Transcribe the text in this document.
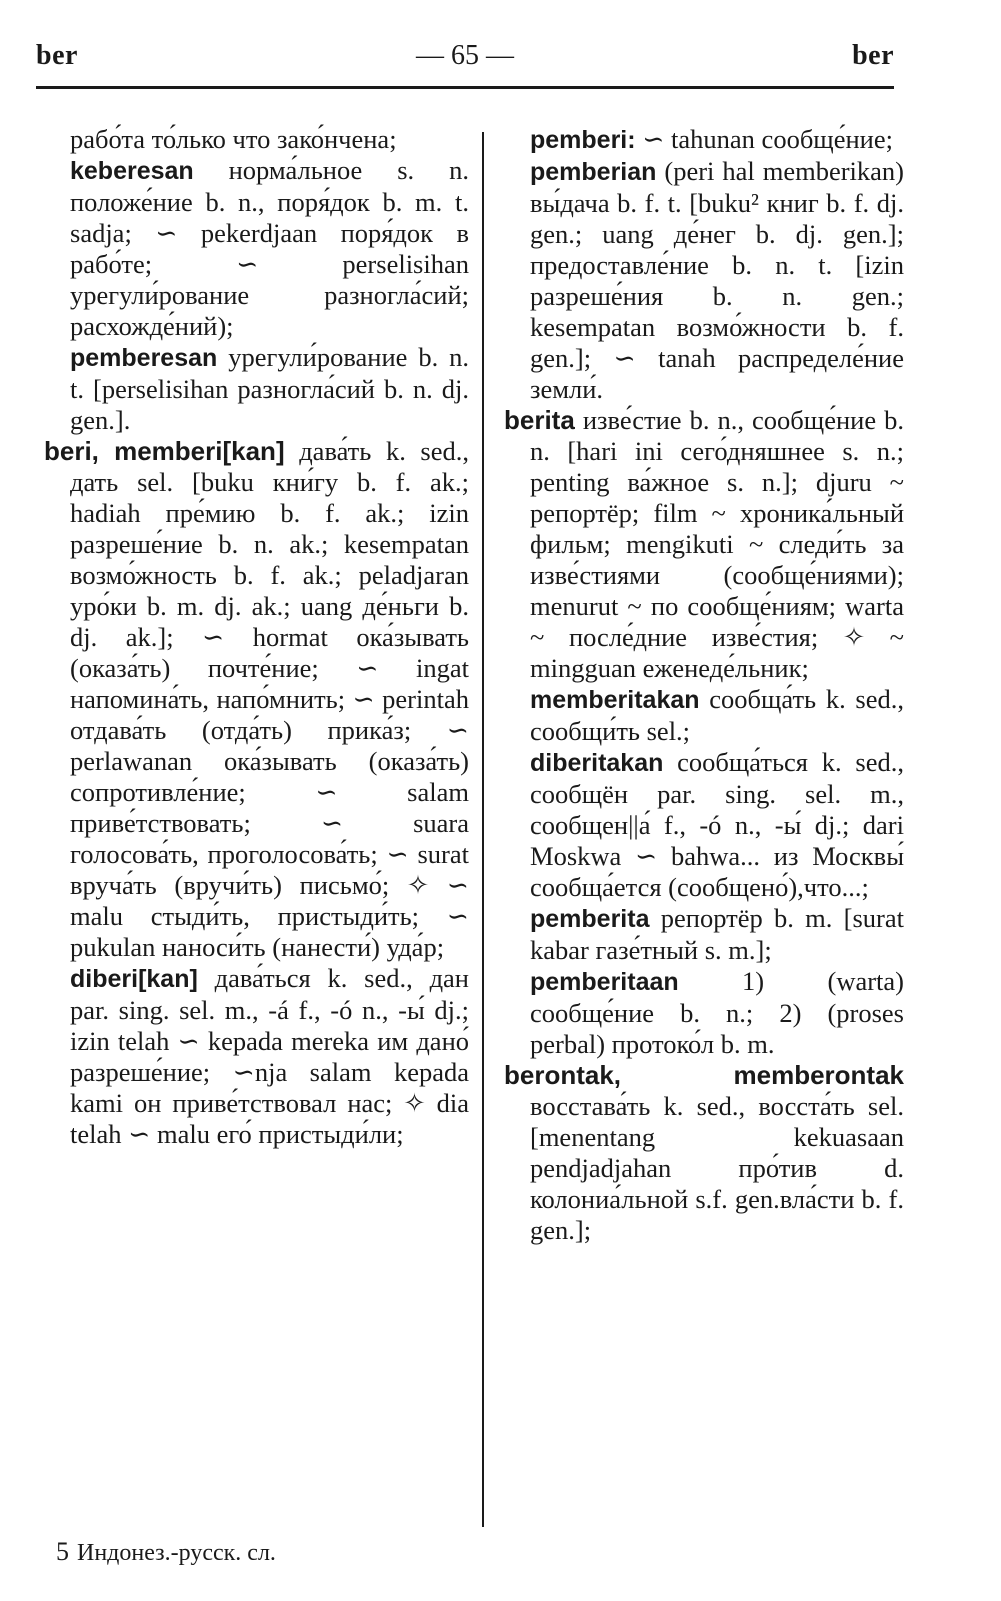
ber	— 65 —	ber

рабо́та то́лько что зако́нчена;

keberesan норма́льное s. n. положе́ние b. n., поря́док b. m. t. sadja; ∽ pekerdjaan поря́док в рабо́те; ∽ perselisihan урегули́рование разногла́сий; расхожде́ний);

pemberesan урегули́рование b. n. t. [perselisihan разногла́сий b. n. dj. gen.].

beri, memberi[kan] дава́ть k. sed., дать sel. [buku кни́гу b. f. ak.; hadiah пре́мию b. f. ak.; izin разреше́ние b. n. ak.; kesempatan возмо́жность b. f. ak.; peladjaran уро́ки b. m. dj. ak.; uang де́ньги b. dj. ak.]; ∽ hormat ока́зывать (оказа́ть) почте́ние; ∽ ingat напомина́ть, напо́мнить; ∽ perintah отдава́ть (отда́ть) прика́з; ∽ perlawanan ока́зывать (оказа́ть) сопротивле́ние; ∽ salam приве́тствовать; ∽ suara голосова́ть, проголосова́ть; ∽ surat вруча́ть (вручи́ть) письмо́; ✧ ∽ malu стыди́ть, пристыди́ть; ∽ pukulan наноси́ть (нанести́) уда́р;

diberi[kan] дава́ться k. sed., дан par. sing. sel. m., -á f., -ó n., -ы́ dj.; izin telah ∽ kepada mereka им дано́ разреше́ние; ∽nja salam kepada kami он приве́тствовал нас; ✧ dia telah ∽ malu его́ пристыди́ли;

pemberi: ∽ tahunan сообще́ние;

pemberian (peri hal memberikan) вы́дача b. f. t. [buku² книг b. f. dj. gen.; uang де́нег b. dj. gen.]; предоставле́ние b. n. t. [izin разреше́ния b. n. gen.; kesempatan возмо́жности b. f. gen.]; ∽ tanah распределе́ние земли́.

berita изве́стие b. n., сообще́ние b. n. [hari ini сего́дняшнее s. n.; penting ва́жное s. n.]; djuru ~ репортёр; film ~ хроника́льный фильм; mengikuti ~ следи́ть за изве́стиями (сообще́ниями); menurut ~ по сообще́ниям; warta ~ после́дние изве́стия; ✧ ~ mingguan еженеде́льник;

memberitakan сообща́ть k. sed., сообщи́ть sel.;

diberitakan сообща́ться k. sed., сообщён par. sing. sel. m., сообщен||а́ f., -ó n., -ы́ dj.; dari Moskwa ∽ bahwa... из Москвы́ сообща́ется (сообщено́),что...;

pemberita репортёр b. m. [surat kabar газе́тный s. m.];

pemberitaan 1) (warta) сообще́ние b. n.; 2) (proses perbal) протоко́л b. m.

berontak, memberontak восстава́ть k. sed., восста́ть sel. [menentang kekuasaan pendjadjahan про́тив d. колониа́льной s.f. gen.вла́сти b. f. gen.];

5 Индонез.-русск. сл.
